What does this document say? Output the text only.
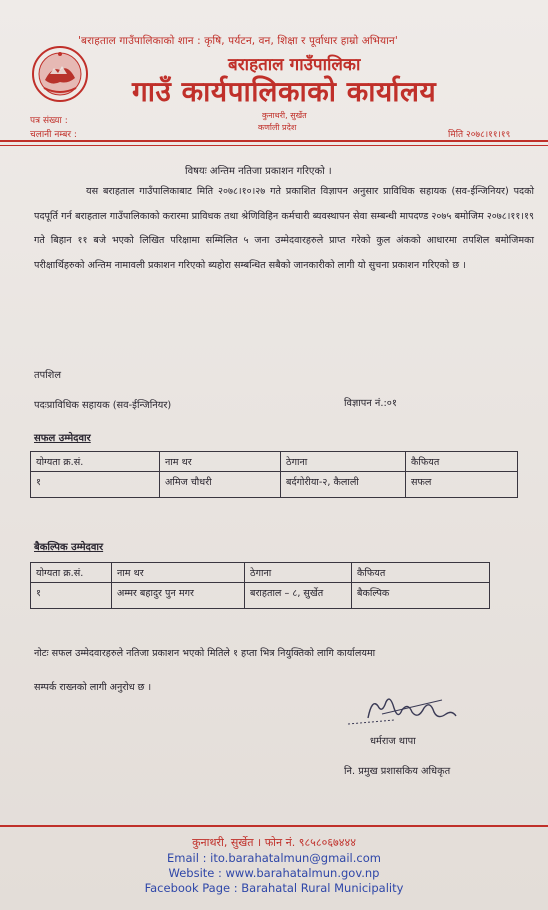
'बराहताल गाउँपालिकाको शान : कृषि, पर्यटन, वन, शिक्षा र पूर्वाधार हाम्रो अभियान'
बराहताल गाउँपालिका
गाउँ कार्यपालिकाको कार्यालय
कुनाथरी, सुर्खेत
कर्णाली प्रदेश
पत्र संख्या :
चलानी नम्बर :	मिति २०७८।११।१९
विषयः अन्तिम नतिजा प्रकाशन गरिएको ।
यस बराहताल गाउँपालिकाबाट मिति २०७८।१०।२७ गते प्रकाशित विज्ञापन अनुसार प्राविधिक सहायक (सव-ईन्जिनियर) पदको पदपूर्ति गर्न बराहताल गाउँपालिकाको करारमा प्राविधक तथा श्रेणिविहिन कर्मचारी ब्यवस्थापन सेवा सम्बन्धी मापदण्ड २०७५ बमोजिम २०७८।११।१९ गते बिहान ११ बजे भएको लिखित परिक्षामा सम्मिलित ५ जना उम्मेदवारहरुले प्राप्त गरेको कुल अंकको आधारमा तपशिल बमोजिमका परीक्षार्थिहरुको अन्तिम नामावली प्रकाशन गरिएको ब्यहोरा सम्बन्धित सबैको जानकारीको लागी यो सुचना प्रकाशन गरिएको छ ।
तपशिल
पदःप्राविधिक सहायक (सव-ईन्जिनियर)	विज्ञापन नं.:०१
सफल उम्मेदवार
योग्यता क्र.सं.	नाम थर	ठेगाना	कैफियत
१	अमिज चौधरी	बर्दगोरीया-२, कैलाली	सफल
बैकल्पिक उम्मेदवार
योग्यता क्र.सं.	नाम थर	ठेगाना	कैफियत
१	अम्मर बहादुर पुन मगर	बराहताल – ८, सुर्खेत	बैकल्पिक
नोटः सफल उम्मेदवारहरुले नतिजा प्रकाशन भएको मितिले १ हप्ता भित्र नियुक्तिको लागि कार्यालयमा
सम्पर्क राख्नको लागी अनुरोध छ ।
धर्मराज थापा
नि. प्रमुख प्रशासकिय अधिकृत
कुनाथरी, सुर्खेत । फोन नं. ९८५८०६७४४४
Email : ito.barahatalmun@gmail.com
Website : www.barahatalmun.gov.np
Facebook Page : Barahatal Rural Municipality
